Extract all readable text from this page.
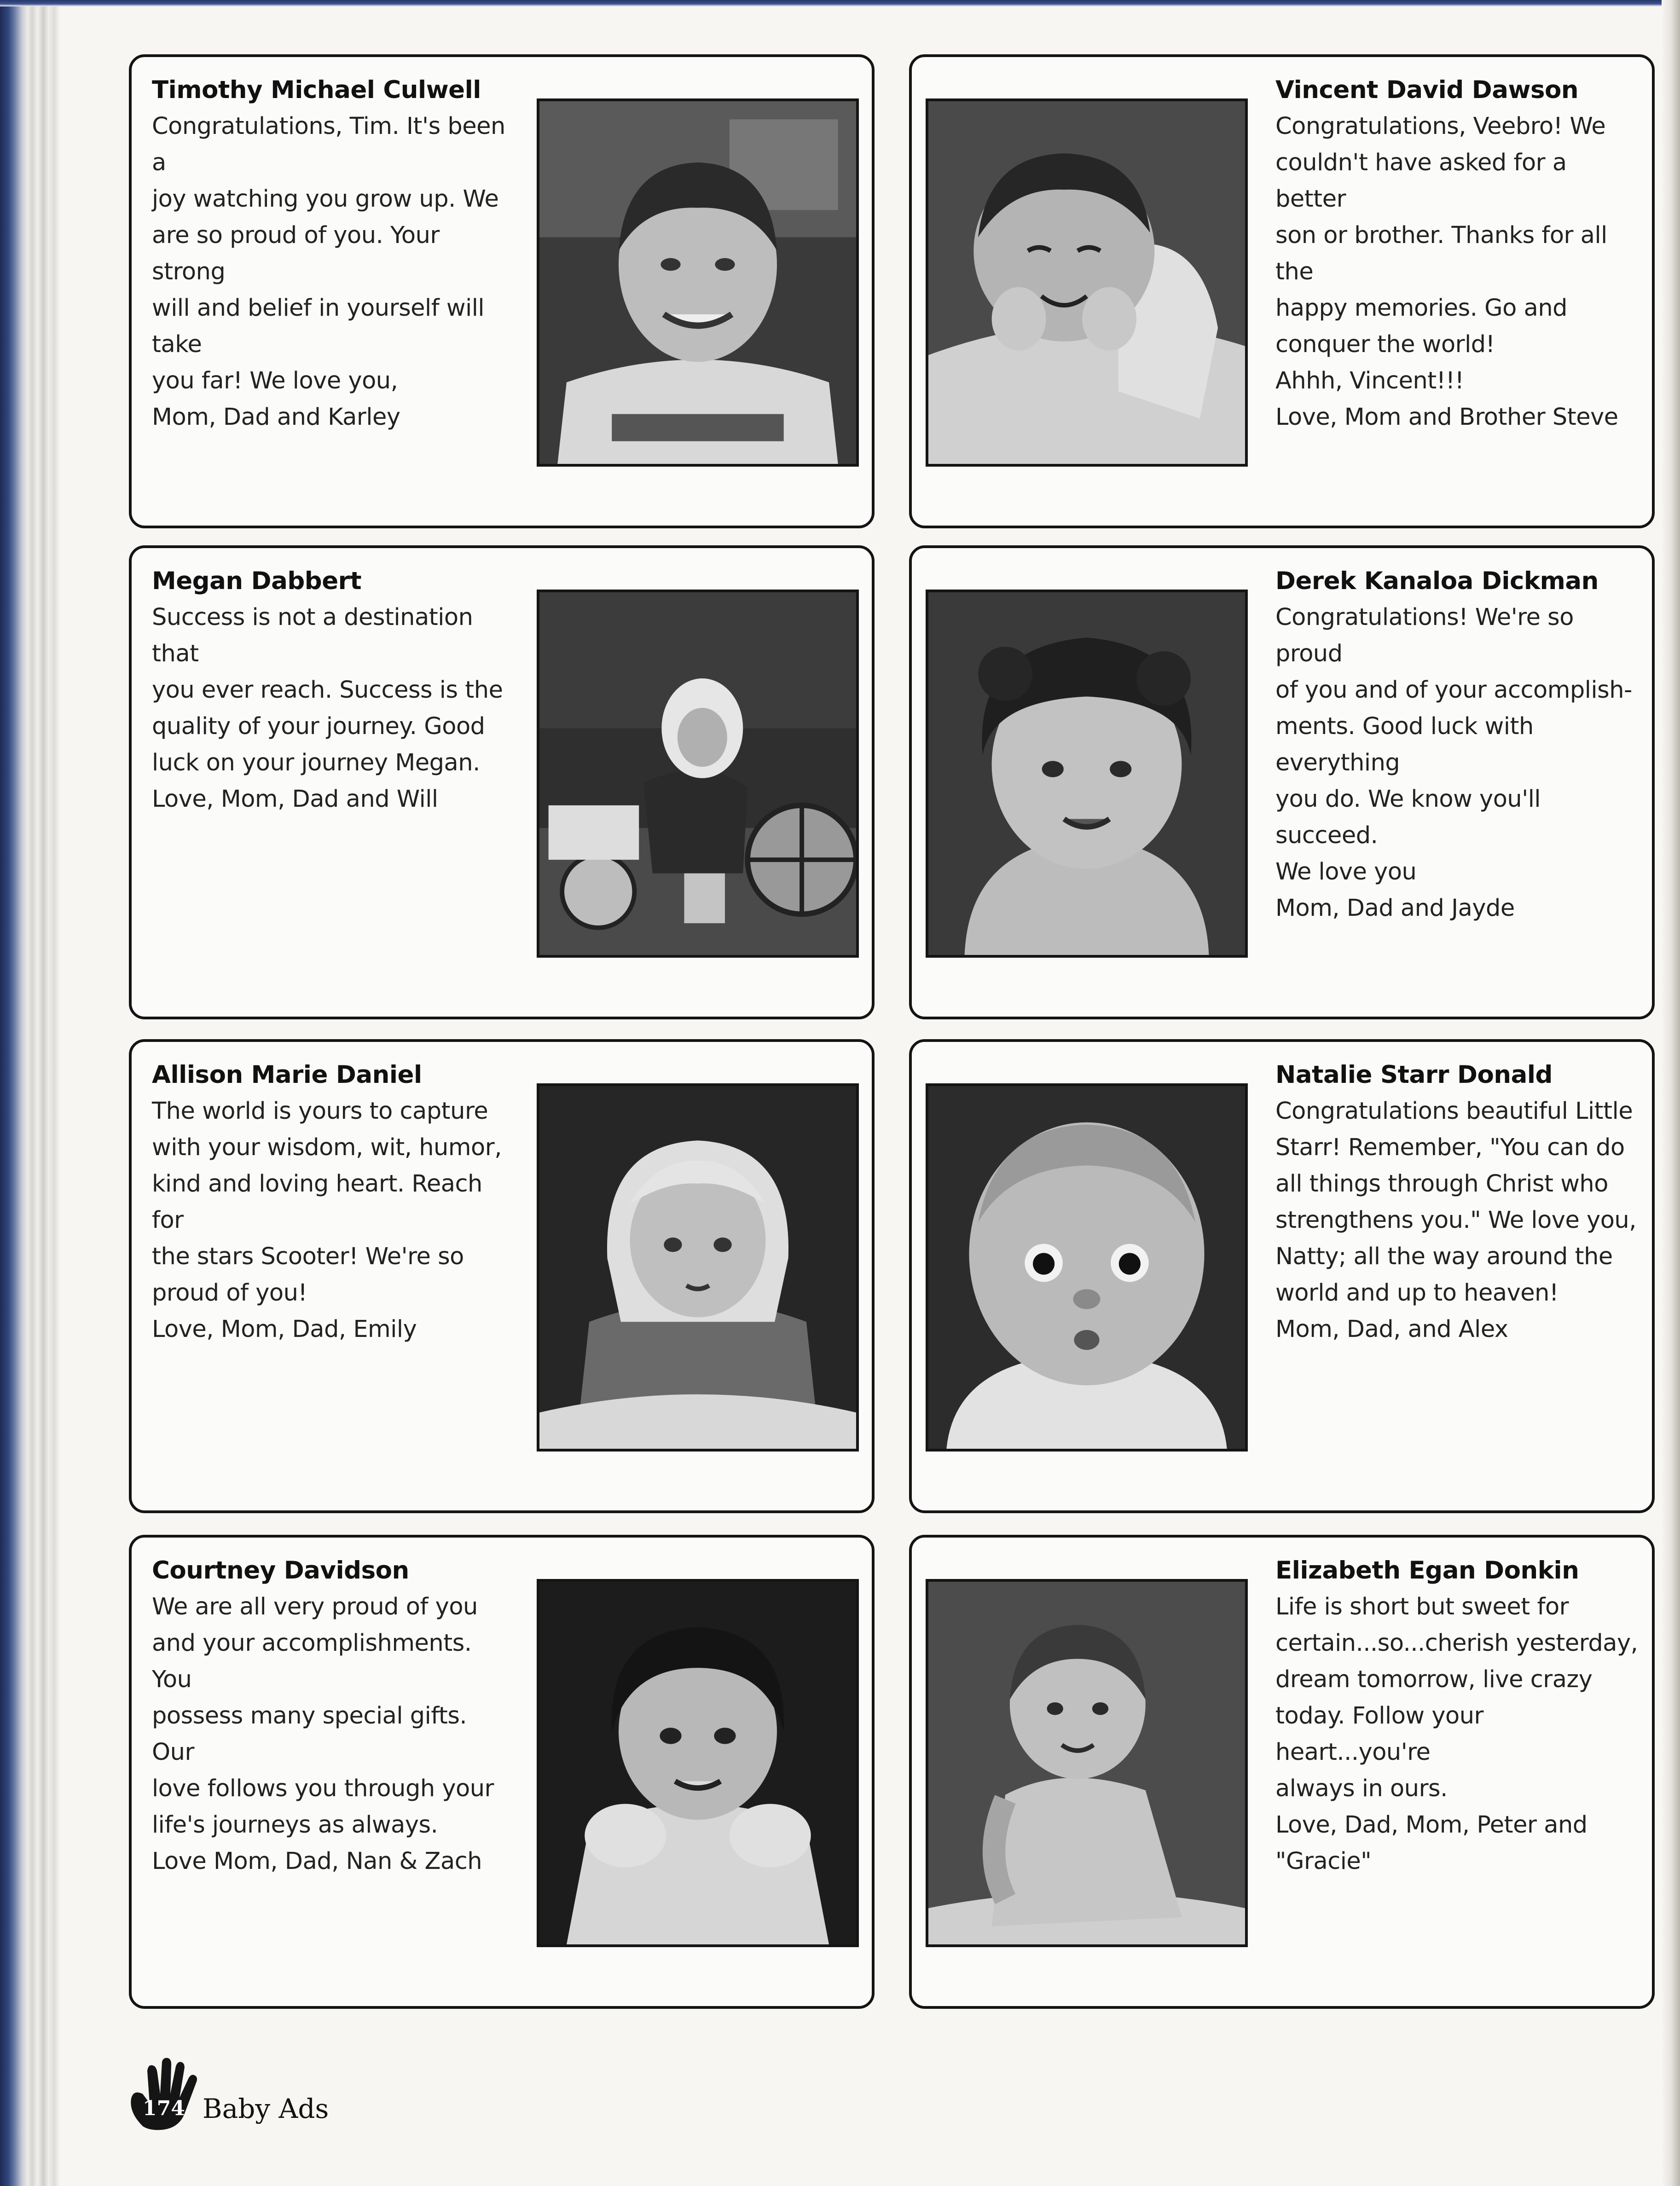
Timothy Michael Culwell
Congratulations, Tim. It's been a
joy watching you grow up. We
are so proud of you. Your strong
will and belief in yourself will take
you far! We love you,
Mom, Dad and Karley
Vincent David Dawson
Congratulations, Veebro! We
couldn't have asked for a better
son or brother. Thanks for all the
happy memories. Go and
conquer the world!
Ahhh, Vincent!!!
Love, Mom and Brother Steve
Megan Dabbert
Success is not a destination that
you ever reach. Success is the
quality of your journey. Good
luck on your journey Megan.
Love, Mom, Dad and Will
Derek Kanaloa Dickman
Congratulations! We're so proud
of you and of your accomplish-
ments. Good luck with everything
you do. We know you'll succeed.
We love you
Mom, Dad and Jayde
Allison Marie Daniel
The world is yours to capture
with your wisdom, wit, humor,
kind and loving heart. Reach for
the stars Scooter! We're so
proud of you!
Love, Mom, Dad, Emily
Natalie Starr Donald
Congratulations beautiful Little
Starr! Remember, "You can do
all things through Christ who
strengthens you." We love you,
Natty; all the way around the
world and up to heaven!
Mom, Dad, and Alex
Courtney Davidson
We are all very proud of you
and your accomplishments. You
possess many special gifts. Our
love follows you through your
life's journeys as always.
Love Mom, Dad, Nan & Zach
Elizabeth Egan Donkin
Life is short but sweet for
certain...so...cherish yesterday,
dream tomorrow, live crazy
today. Follow your heart...you're
always in ours.
Love, Dad, Mom, Peter and
"Gracie"
174 Baby Ads
